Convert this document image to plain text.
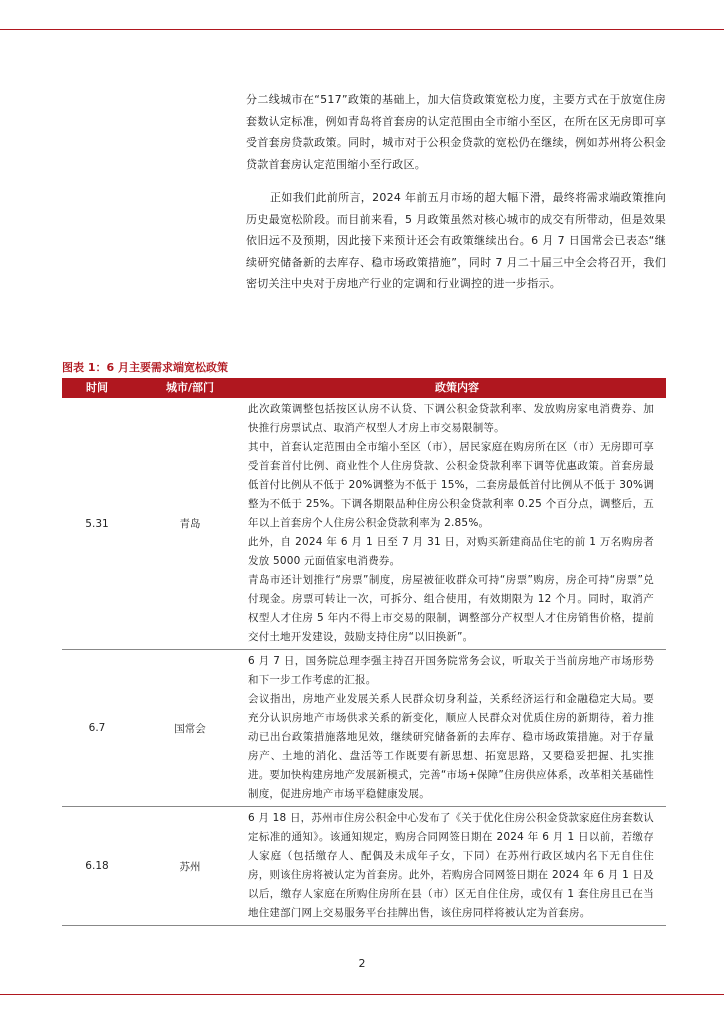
分二线城市在“517”政策的基础上，加大信贷政策宽松力度，主要方式在于放宽住房套数认定标准，例如青岛将首套房的认定范围由全市缩小至区，在所在区无房即可享受首套房贷款政策。同时，城市对于公积金贷款的宽松仍在继续，例如苏州将公积金贷款首套房认定范围缩小至行政区。

正如我们此前所言，2024 年前五月市场的超大幅下滑，最终将需求端政策推向历史最宽松阶段。而目前来看，5 月政策虽然对核心城市的成交有所带动，但是效果依旧远不及预期，因此接下来预计还会有政策继续出台。6 月 7 日国常会已表态“继续研究储备新的去库存、稳市场政策措施”，同时 7 月二十届三中全会将召开，我们密切关注中央对于房地产行业的定调和行业调控的进一步指示。

图表 1：6 月主要需求端宽松政策
时间	城市/部门	政策内容
5.31	青岛

此次政策调整包括按区认房不认贷、下调公积金贷款利率、发放购房家电消费券、加快推行房票试点、取消产权型人才房上市交易限制等。

其中，首套认定范围由全市缩小至区（市），居民家庭在购房所在区（市）无房即可享受首套首付比例、商业性个人住房贷款、公积金贷款利率下调等优惠政策。首套房最低首付比例从不低于 20%调整为不低于 15%，二套房最低首付比例从不低于 30%调整为不低于 25%。下调各期限品种住房公积金贷款利率 0.25 个百分点，调整后，五年以上首套房个人住房公积金贷款利率为 2.85%。

此外，自 2024 年 6 月 1 日至 7 月 31 日，对购买新建商品住宅的前 1 万名购房者发放 5000 元面值家电消费券。

青岛市还计划推行“房票”制度，房屋被征收群众可持“房票”购房，房企可持“房票”兑付现金。房票可转让一次，可拆分、组合使用，有效期限为 12 个月。同时，取消产权型人才住房 5 年内不得上市交易的限制，调整部分产权型人才住房销售价格，提前交付土地开发建设，鼓励支持住房“以旧换新”。

6.7	国常会

6 月 7 日，国务院总理李强主持召开国务院常务会议，听取关于当前房地产市场形势和下一步工作考虑的汇报。

会议指出，房地产业发展关系人民群众切身利益，关系经济运行和金融稳定大局。要充分认识房地产市场供求关系的新变化，顺应人民群众对优质住房的新期待，着力推动已出台政策措施落地见效，继续研究储备新的去库存、稳市场政策措施。对于存量房产、土地的消化、盘活等工作既要有新思想、拓宽思路，又要稳妥把握、扎实推进。要加快构建房地产发展新模式，完善“市场+保障”住房供应体系，改革相关基础性制度，促进房地产市场平稳健康发展。

6.18	苏州

6 月 18 日，苏州市住房公积金中心发布了《关于优化住房公积金贷款家庭住房套数认定标准的通知》。该通知规定，购房合同网签日期在 2024 年 6 月 1 日以前，若缴存人家庭（包括缴存人、配偶及未成年子女，下同）在苏州行政区域内名下无自住住房，则该住房将被认定为首套房。此外，若购房合同网签日期在 2024 年 6 月 1 日及以后，缴存人家庭在所购住房所在县（市）区无自住住房，或仅有 1 套住房且已在当地住建部门网上交易服务平台挂牌出售，该住房同样将被认定为首套房。

2
